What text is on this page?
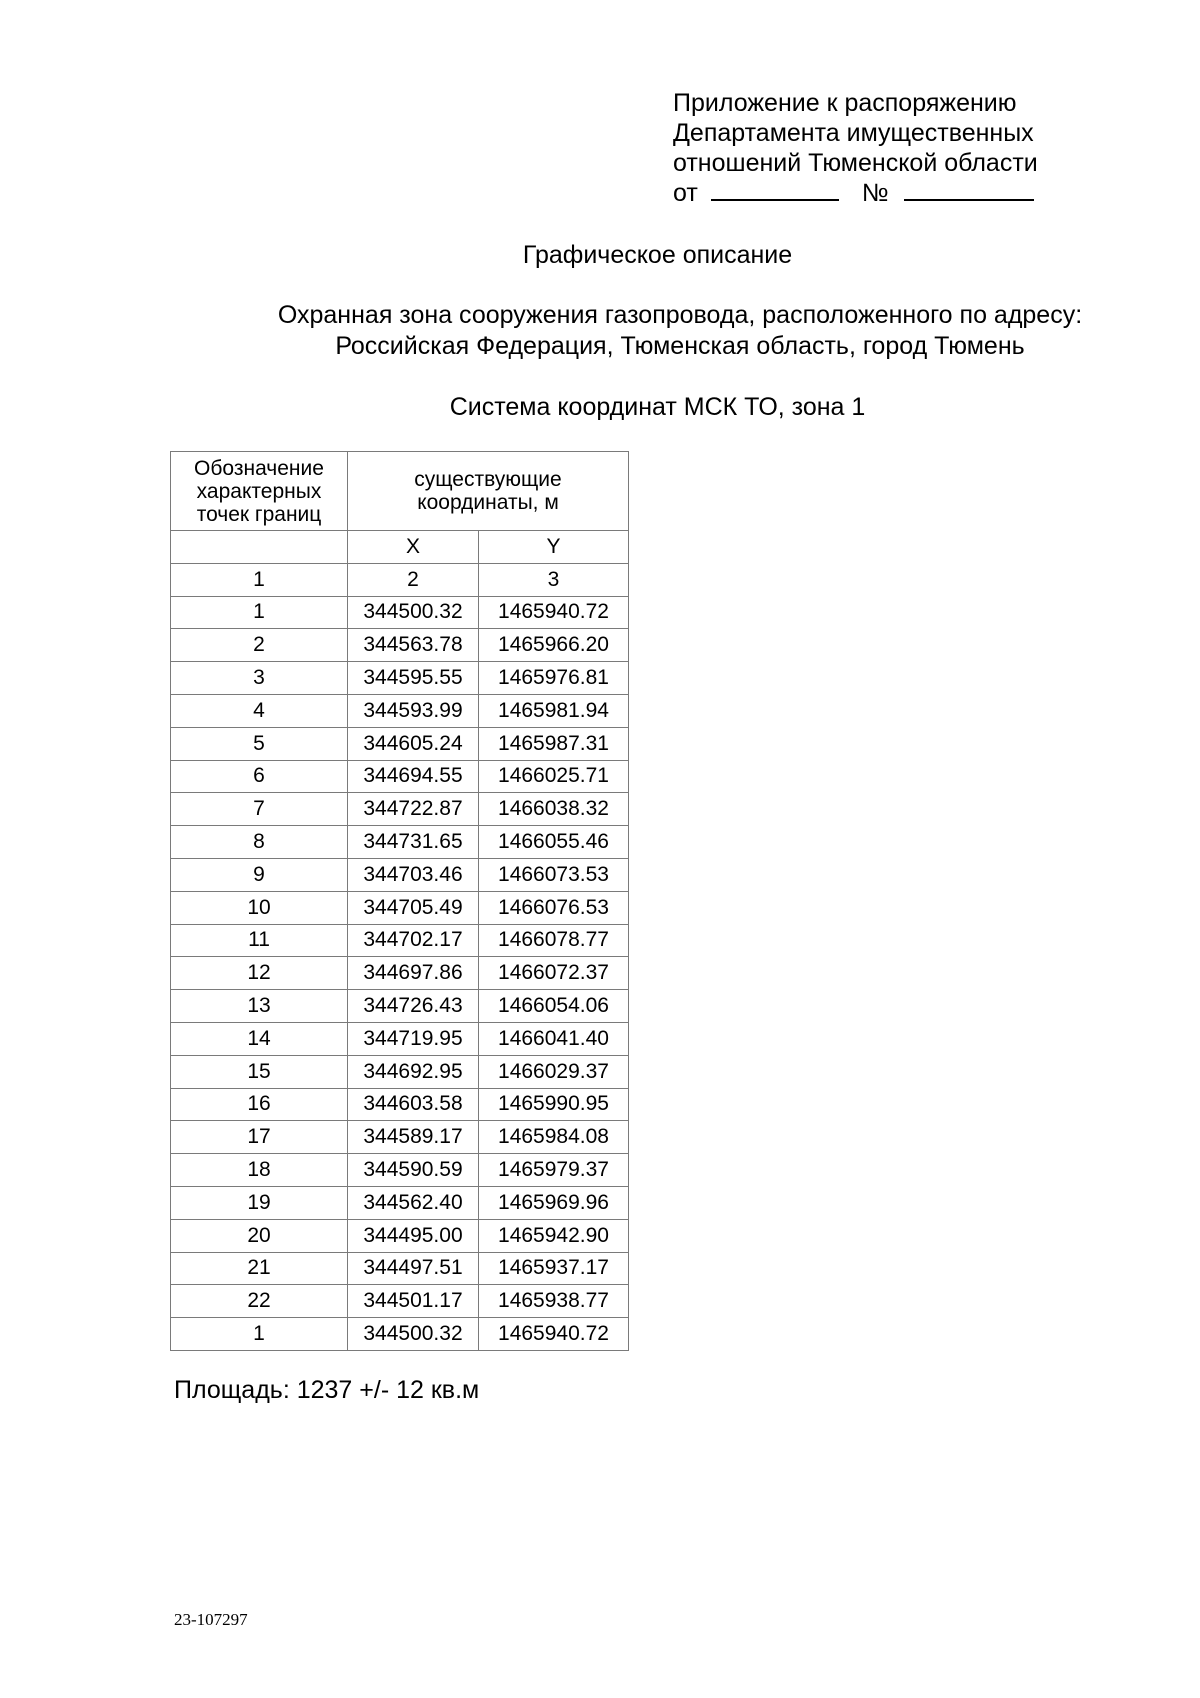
Приложение к распоряжению
Департамента имущественных
отношений Тюменской области
от	№
Графическое описание
Охранная зона сооружения газопровода, расположенного по адресу:
Российская Федерация, Тюменская область, город Тюмень
Система координат МСК ТО, зона 1
Обозначение характерных точек границ	существующие координаты, м	

	X	Y
1	2	3
1	344500.32	1465940.72
2	344563.78	1465966.20
3	344595.55	1465976.81
4	344593.99	1465981.94
5	344605.24	1465987.31
6	344694.55	1466025.71
7	344722.87	1466038.32
8	344731.65	1466055.46
9	344703.46	1466073.53
10	344705.49	1466076.53
11	344702.17	1466078.77
12	344697.86	1466072.37
13	344726.43	1466054.06
14	344719.95	1466041.40
15	344692.95	1466029.37
16	344603.58	1465990.95
17	344589.17	1465984.08
18	344590.59	1465979.37
19	344562.40	1465969.96
20	344495.00	1465942.90
21	344497.51	1465937.17
22	344501.17	1465938.77
1	344500.32	1465940.72
Площадь: 1237 +/- 12 кв.м
23-107297
